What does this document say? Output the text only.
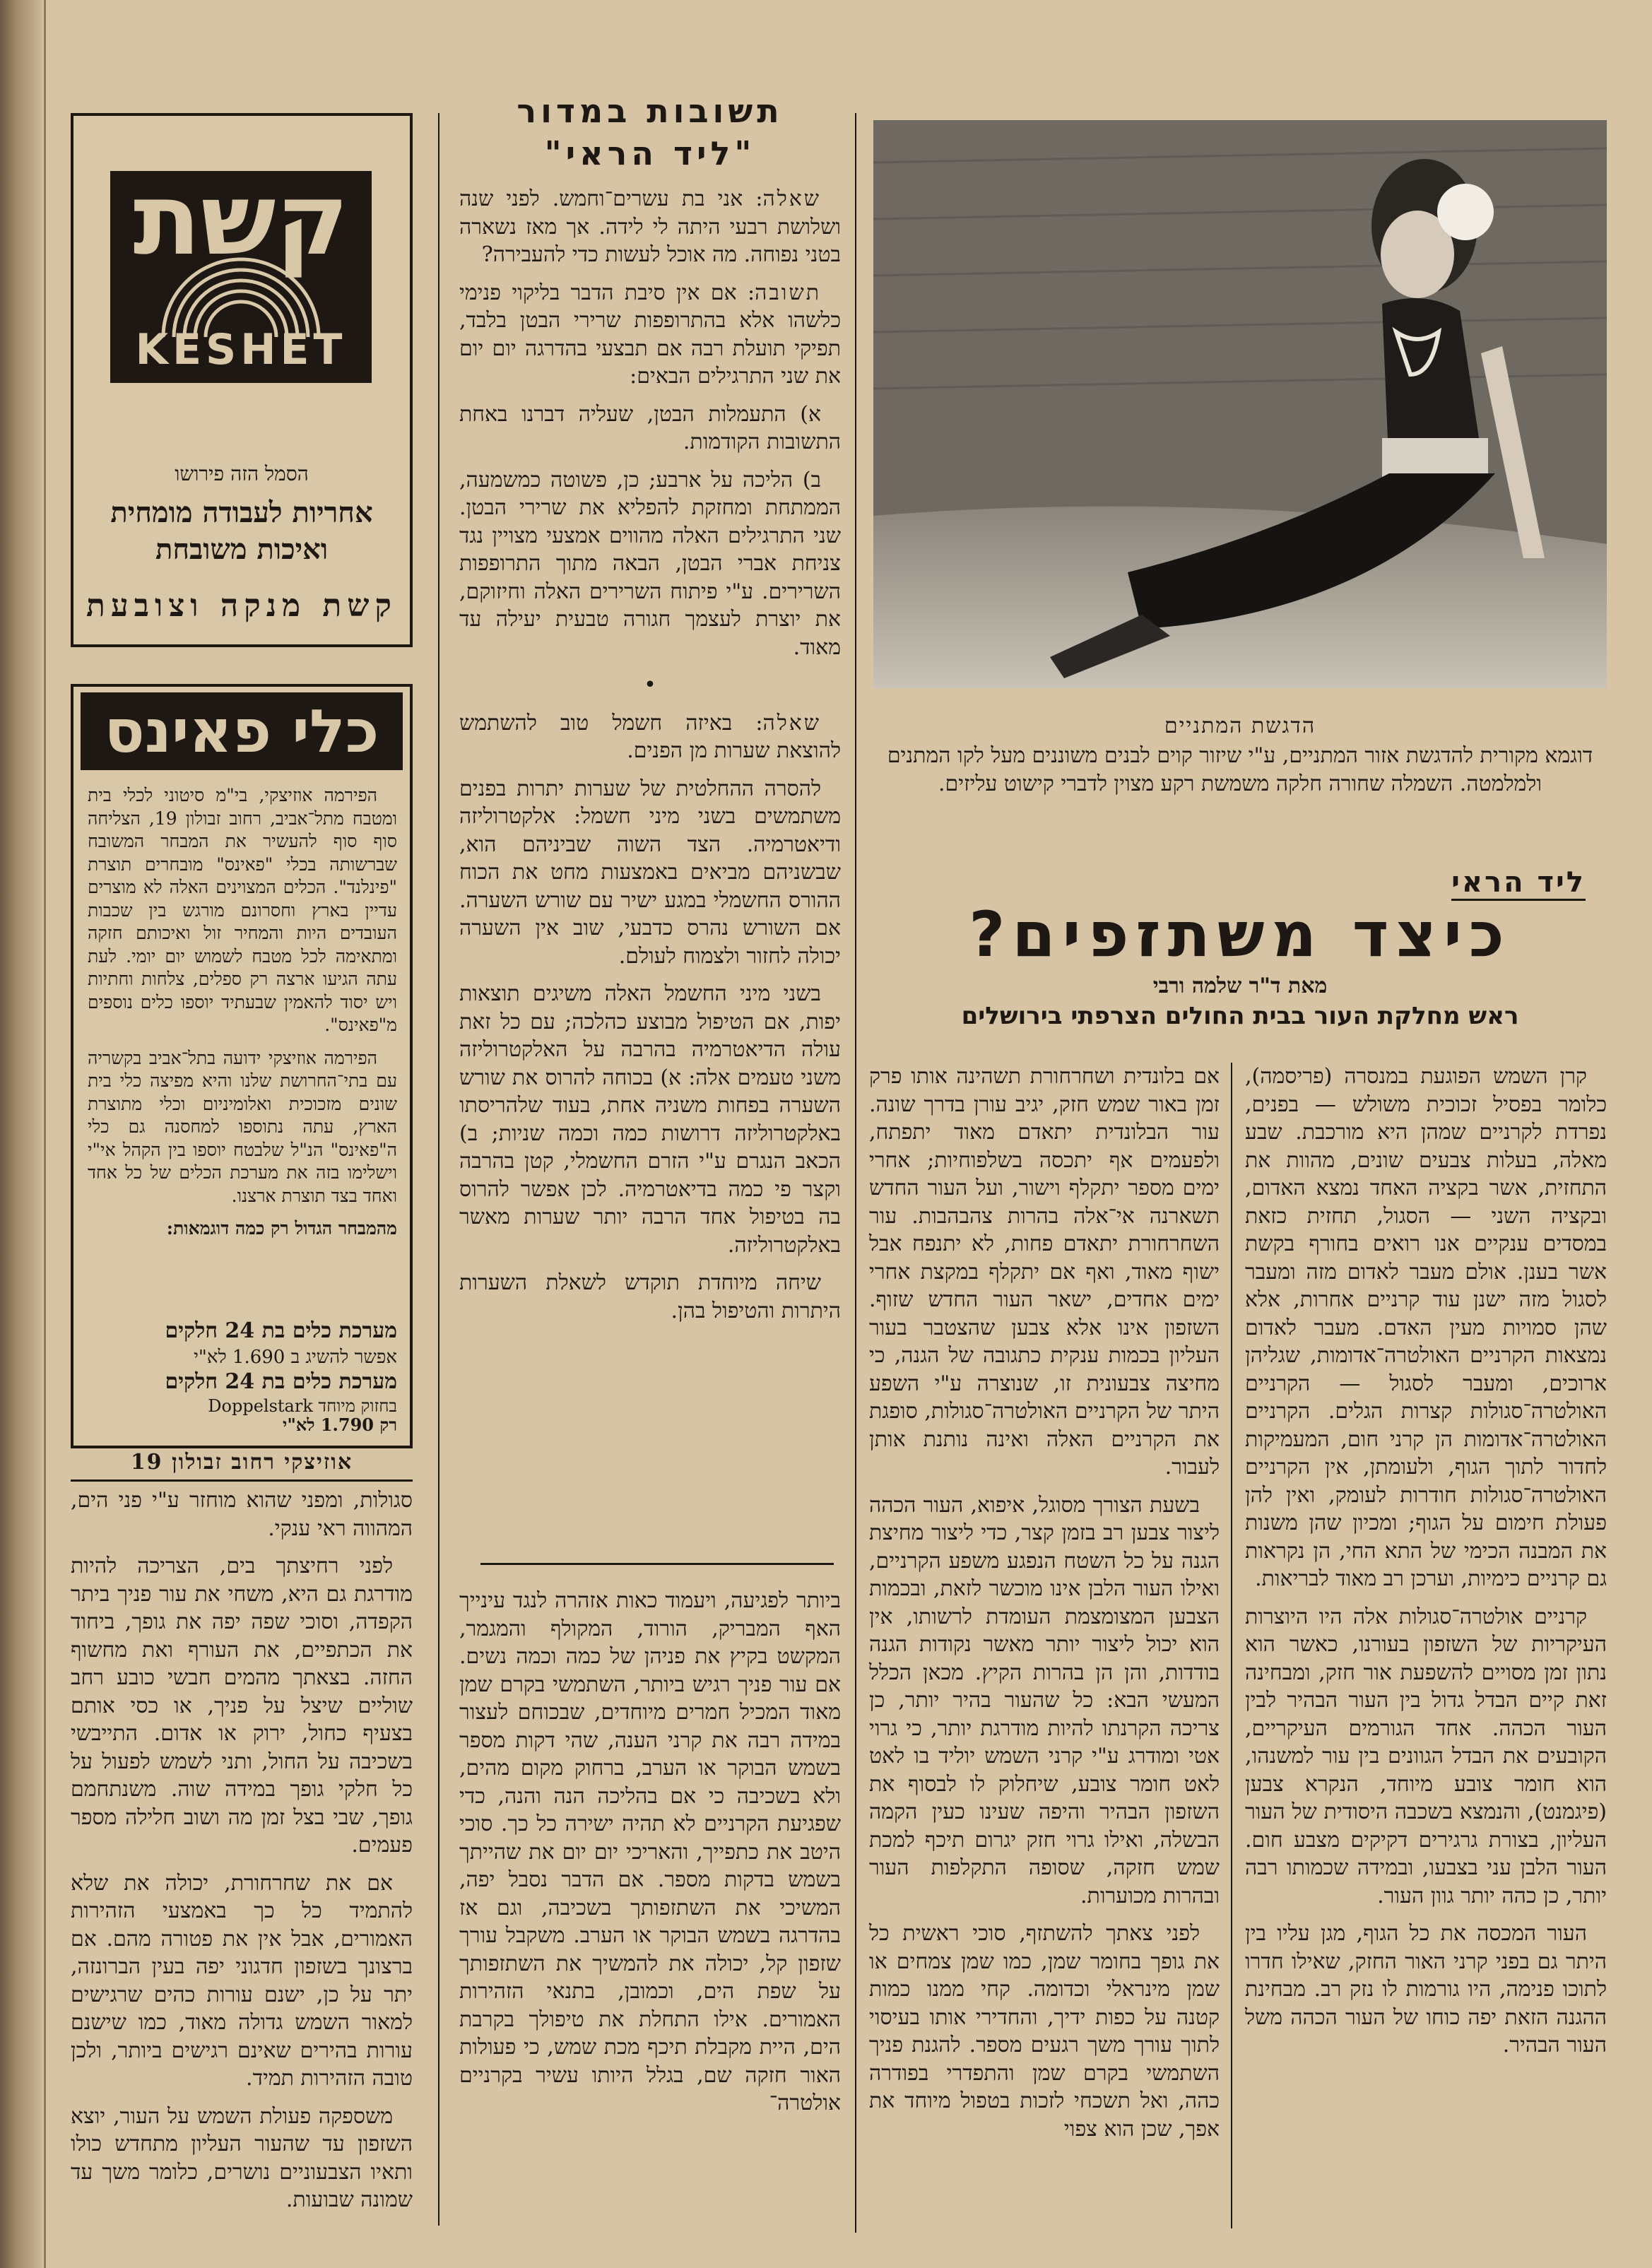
קשת
KESHET
הסמל הזה פירושו
אחריות לעבודה מומחית
ואיכות משובחת
קשת מנקה וצובעת
כלי פאינס

הפירמה אוזיצקי, בי"מ סיטוני לכלי בית ומטבח מתל־אביב, רחוב זבולון 19, הצליחה סוף סוף להעשיר את המבחר המשובח שברשותה בכלי "פאינס" מובחרים תוצרת "פינלנד". הכלים המצוינים האלה לא מוצרים עדיין בארץ וחסרונם מורגש בין שכבות העובדים היות והמחיר זול ואיכותם חזקה ומתאימה לכל מטבח לשמוש יום יומי. לעת עתה הגיעו ארצה רק ספלים, צלחות וחתיות ויש יסוד להאמין שבעתיד יוספו כלים נוספים מ"פאינס".

הפירמה אוזיצקי ידועה בתל־אביב בקשריה עם בתי־החרושת שלנו והיא מפיצה כלי בית שונים מזכוכית ואלומיניום וכלי מתוצרת הארץ, עתה נתוספו למחסנה גם כלי ה"פאינס" הנ"ל שלבטח יוספו בין הקהל אי"י וישלימו בזה את מערכת הכלים של כל אחד ואחד בצד תוצרת ארצנו.

מהמבחר הגדול רק כמה דוגמאות:

מערכת כלים בת 24 חלקים
אפשר להשיג ב 1.690 לא"י
מערכת כלים בת 24 חלקים
בחזוק מיוחד Doppelstark
רק 1.790 לא"י
אוזיצקי רחוב זבולון 19

סגולות, ומפני שהוא מוחזר ע"י פני הים, המהווה ראי ענקי.

לפני רחיצתך בים, הצריכה להיות מודרגת גם היא, משחי את עור פניך ביתר הקפדה, וסוכי שפה יפה את גופך, ביחוד את הכתפיים, את העורף ואת מחשוף החזה. בצאתך מהמים חבשי כובע רחב שוליים שיצל על פניך, או כסי אותם בצעיף כחול, ירוק או אדום. התייבשי בשכיבה על החול, ותני לשמש לפעול על כל חלקי גופך במידה שוה. משנתחמם גופך, שבי בצל זמן מה ושוב חלילה מספר פעמים.

אם את שחרחורת, יכולה את שלא להתמיד כל כך באמצעי הזהירות האמורים, אבל אין את פטורה מהם. אם ברצונך בשזפון חדגוני יפה בעין הברונזה, יתר על כן, ישנם עורות כהים שרגישים למאור השמש גדולה מאוד, כמו שישנם עורות בהירים שאינם רגישים ביותר, ולכן טובה הזהירות תמיד.

משספקה פעולת השמש על העור, יוצא השזפון עד שהעור העליון מתחדש כולו ותאיו הצבעוניים נושרים, כלומר משך עד שמונה שבועות.

תשובות במדור
"ליד הראי"

שאלה: אני בת עשרים־וחמש. לפני שנה ושלושת רבעי היתה לי לידה. אך מאז נשארה בטני נפוחה. מה אוכל לעשות כדי להעבירה?

תשובה: אם אין סיבת הדבר בליקוי פנימי כלשהו אלא בהתרופפות שרירי הבטן בלבד, תפיקי תועלת רבה אם תבצעי בהדרגה יום יום את שני התרגילים הבאים:

א) התעמלות הבטן, שעליה דברנו באחת התשובות הקודמות.

ב) הליכה על ארבע; כן, פשוטה כמשמעה, הממתחת ומחזקת להפליא את שרירי הבטן. שני התרגילים האלה מהווים אמצעי מצויין נגד צניחת אברי הבטן, הבאה מתוך התרופפות השרירים. ע"י פיתוח השרירים האלה וחיזוקם, את יוצרת לעצמך חגורה טבעית יעילה עד מאוד.

•

שאלה: באיזה חשמל טוב להשתמש להוצאת שערות מן הפנים.

להסרה ההחלטית של שערות יתרות בפנים משתמשים בשני מיני חשמל: אלקטרוליזה ודיאטרמיה. הצד השוה שביניהם הוא, שבשניהם מביאים באמצעות מחט את הכוח ההורס החשמלי במגע ישיר עם שורש השערה. אם השורש נהרס כדבעי, שוב אין השערה יכולה לחזור ולצמוח לעולם.

בשני מיני החשמל האלה משיגים תוצאות יפות, אם הטיפול מבוצע כהלכה; עם כל זאת עולה הדיאטרמיה בהרבה על האלקטרוליזה משני טעמים אלה: א) בכוחה להרוס את שורש השערה בפחות משניה אחת, בעוד שלהריסתו באלקטרוליזה דרושות כמה וכמה שניות; ב) הכאב הנגרם ע"י הזרם החשמלי, קטן בהרבה וקצר פי כמה בדיאטרמיה. לכן אפשר להרוס בה בטיפול אחד הרבה יותר שערות מאשר באלקטרוליזה.

שיחה מיוחדת תוקדש לשאלת השערות היתרות והטיפול בהן.

ביותר לפגיעה, ויעמוד כאות אזהרה לנגד עינייך האף המבריק, הורוד, המקולף והמגמר, המקשט בקיץ את פניהן של כמה וכמה נשים. אם עור פניך רגיש ביותר, השתמשי בקרם שמן מאוד המכיל חמרים מיוחדים, שבכוחם לעצור במידה רבה את קרני הענה, שהי דקות מספר בשמש הבוקר או הערב, ברחוק מקום מהים, ולא בשכיבה כי אם בהליכה הנה והנה, כדי שפגיעת הקרניים לא תהיה ישירה כל כך. סוכי היטב את כתפייך, והאריכי יום יום את שהייתך בשמש בדקות מספר. אם הדבר נסבל יפה, המשיכי את השתזפותך בשכיבה, וגם אז בהדרגה בשמש הבוקר או הערב. משקבל עורך שזפון קל, יכולה את להמשיך את השתזפותך על שפת הים, וכמובן, בתנאי הזהירות האמורים. אילו התחלת את טיפולך בקרבת הים, היית מקבלת תיכף מכת שמש, כי פעולות האור חזקה שם, בגלל היותו עשיר בקרניים אולטרה־

הדגשת המתניים
דוגמא מקורית להדגשת אזור המתניים, ע"י שיזור קוים לבנים משוננים מעל לקו המתנים ולמלמטה. השמלה שחורה חלקה משמשת רקע מצוין לדברי קישוט עליזים.
ליד הראי
כיצד משתזפים?
מאת ד"ר שלמה ורבי
ראש מחלקת העור בבית החולים הצרפתי בירושלים

קרן השמש הפוגעת במנסרה (פריסמה), כלומר בפסיל זכוכית משולש — בפנים, נפרדת לקרניים שמהן היא מורכבת. שבע מאלה, בעלות צבעים שונים, מהוות את התחזית, אשר בקציה האחד נמצא האדום, ובקציה השני — הסגול, תחזית כזאת במסדים ענקיים אנו רואים בחורף בקשת אשר בענן. אולם מעבר לאדום מזה ומעבר לסגול מזה ישנן עוד קרניים אחרות, אלא שהן סמויות מעין האדם. מעבר לאדום נמצאות הקרניים האולטרה־אדומות, שגליהן ארוכים, ומעבר לסגול — הקרניים האולטרה־סגולות קצרות הגלים. הקרניים האולטרה־אדומות הן קרני חום, המעמיקות לחדור לתוך הגוף, ולעומתן, אין הקרניים האולטרה־סגולות חודרות לעומק, ואין להן פעולת חימום על הגוף; ומכיון שהן משנות את המבנה הכימי של התא החי, הן נקראות גם קרניים כימיות, וערכן רב מאוד לבריאות.

קרניים אולטרה־סגולות אלה היו היוצרות העיקריות של השזפון בעורנו, כאשר הוא נתון זמן מסויים להשפעת אור חזק, ומבחינה זאת קיים הבדל גדול בין העור הבהיר לבין העור הכהה. אחד הגורמים העיקריים, הקובעים את הבדל הגוונים בין עור למשנהו, הוא חומר צובע מיוחד, הנקרא צבען (פיגמנט), והנמצא בשכבה היסודית של העור העליון, בצורת גרגירים דקיקים מצבע חום. העור הלבן עני בצבעו, ובמידה שכמותו רבה יותר, כן כהה יותר גוון העור.

העור המכסה את כל הגוף, מגן עליו בין היתר גם בפני קרני האור החזק, שאילו חדרו לתוכו פנימה, היו גורמות לו נזק רב. מבחינת ההגנה הזאת יפה כוחו של העור הכהה משל העור הבהיר.

אם בלונדית ושחרחורת תשהינה אותו פרק זמן באור שמש חזק, יגיב עורן בדרך שונה. עור הבלונדית יתאדם מאוד יתפתח, ולפעמים אף יתכסה בשלפוחיות; אחרי ימים מספר יתקלף וישור, ועל העור החדש תשארנה אי־אלה בהרות צהבהבות. עור השחרחורת יתאדם פחות, לא יתנפח אבל ישוף מאוד, ואף אם יתקלף במקצת אחרי ימים אחדים, ישאר העור החדש שזוף. השזפון אינו אלא צבען שהצטבר בעור העליון בכמות ענקית כתגובה של הגנה, כי מחיצה צבעונית זו, שנוצרה ע"י השפע היתר של הקרניים האולטרה־סגולות, סופגת את הקרניים האלה ואינה נותנת אותן לעבור.

בשעת הצורך מסוגל, איפוא, העור הכהה ליצור צבען רב בזמן קצר, כדי ליצור מחיצת הגנה על כל השטח הנפגע משפע הקרניים, ואילו העור הלבן אינו מוכשר לזאת, ובכמות הצבען המצומצמת העומדת לרשותו, אין הוא יכול ליצור יותר מאשר נקודות הגנה בודדות, והן הן בהרות הקיץ. מכאן הכלל המעשי הבא: כל שהעור בהיר יותר, כן צריכה הקרנתו להיות מודרגת יותר, כי גרוי אטי ומודרג ע"י קרני השמש יוליד בו לאט לאט חומר צובע, שיחלוק לו לבסוף את השזפון הבהיר והיפה שעינו כעין הקמה הבשלה, ואילו גרוי חזק יגרום תיכף למכת שמש חזקה, שסופה התקלפות העור ובהרות מכוערות.

לפני צאתך להשתזף, סוכי ראשית כל את גופך בחומר שמן, כמו שמן צמחים או שמן מינראלי וכדומה. קחי ממנו כמות קטנה על כפות ידיך, והחדירי אותו בעיסוי לתוך עורך משך רגעים מספר. להגנת פניך השתמשי בקרם שמן והתפדרי בפודרה כהה, ואל תשכחי לזכות בטפול מיוחד את אפך, שכן הוא צפוי
